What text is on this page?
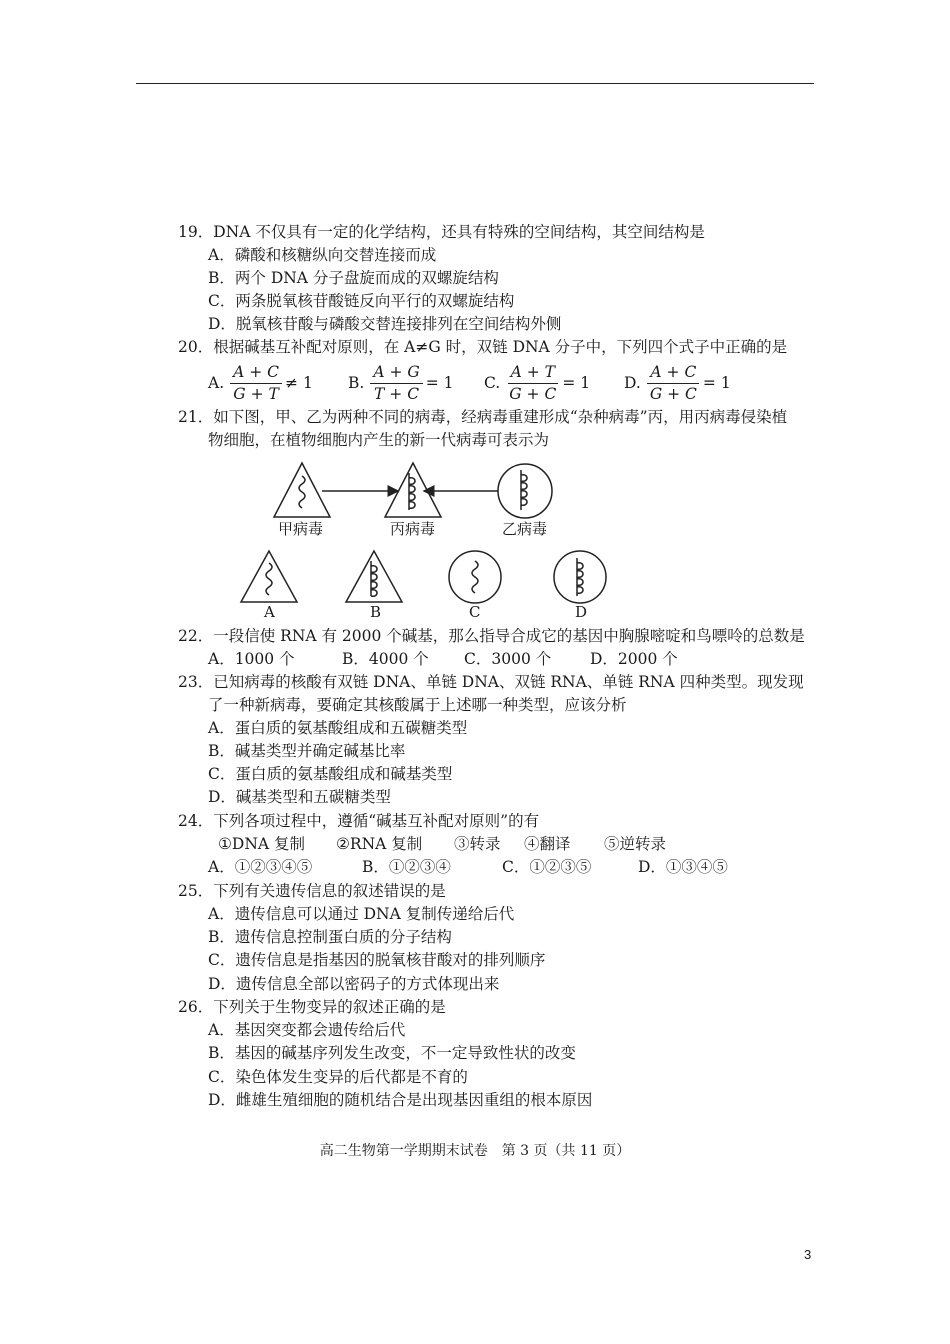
19．DNA 不仅具有一定的化学结构，还具有特殊的空间结构，其空间结构是
A．磷酸和核糖纵向交替连接而成
B．两个 DNA 分子盘旋而成的双螺旋结构
C．两条脱氧核苷酸链反向平行的双螺旋结构
D．脱氧核苷酸与磷酸交替连接排列在空间结构外侧
20．根据碱基互补配对原则，在 A≠G 时，双链 DNA 分子中，下列四个式子中正确的是
A. $\frac{A + C}{G + T} \ne 1$ B. $\frac{A + G}{T + C} = 1$ C. $\frac{A + T}{G + C} = 1$ D. $\frac{A + C}{G + C} = 1$
21．如下图，甲、乙为两种不同的病毒，经病毒重建形成“杂种病毒”丙，用丙病毒侵染植
物细胞，在植物细胞内产生的新一代病毒可表示为
甲病毒	丙病毒	乙病毒
A	B	C	D
22．一段信使 RNA 有 2000 个碱基，那么指导合成它的基因中胸腺嘧啶和鸟嘌呤的总数是
A．1000 个	B．4000 个 C．3000 个	D．2000 个
23．已知病毒的核酸有双链 DNA、单链 DNA、双链 RNA、单链 RNA 四种类型。现发现
了一种新病毒，要确定其核酸属于上述哪一种类型，应该分析
A．蛋白质的氨基酸组成和五碳糖类型
B．碱基类型并确定碱基比率
C．蛋白质的氨基酸组成和碱基类型
D．碱基类型和五碳糖类型
24．下列各项过程中，遵循“碱基互补配对原则”的有
①DNA 复制 ②RNA 复制 ③转录 ④翻译 ⑤逆转录
A．①②③④⑤	B．①②③④	C．①②③⑤	D．①③④⑤
25．下列有关遗传信息的叙述错误的是
A．遗传信息可以通过 DNA 复制传递给后代
B．遗传信息控制蛋白质的分子结构
C．遗传信息是指基因的脱氧核苷酸对的排列顺序
D．遗传信息全部以密码子的方式体现出来
26．下列关于生物变异的叙述正确的是
A．基因突变都会遗传给后代
B．基因的碱基序列发生改变，不一定导致性状的改变
C．染色体发生变异的后代都是不育的
D．雌雄生殖细胞的随机结合是出现基因重组的根本原因
高二生物第一学期期末试卷　第 3 页（共 11 页）
3
